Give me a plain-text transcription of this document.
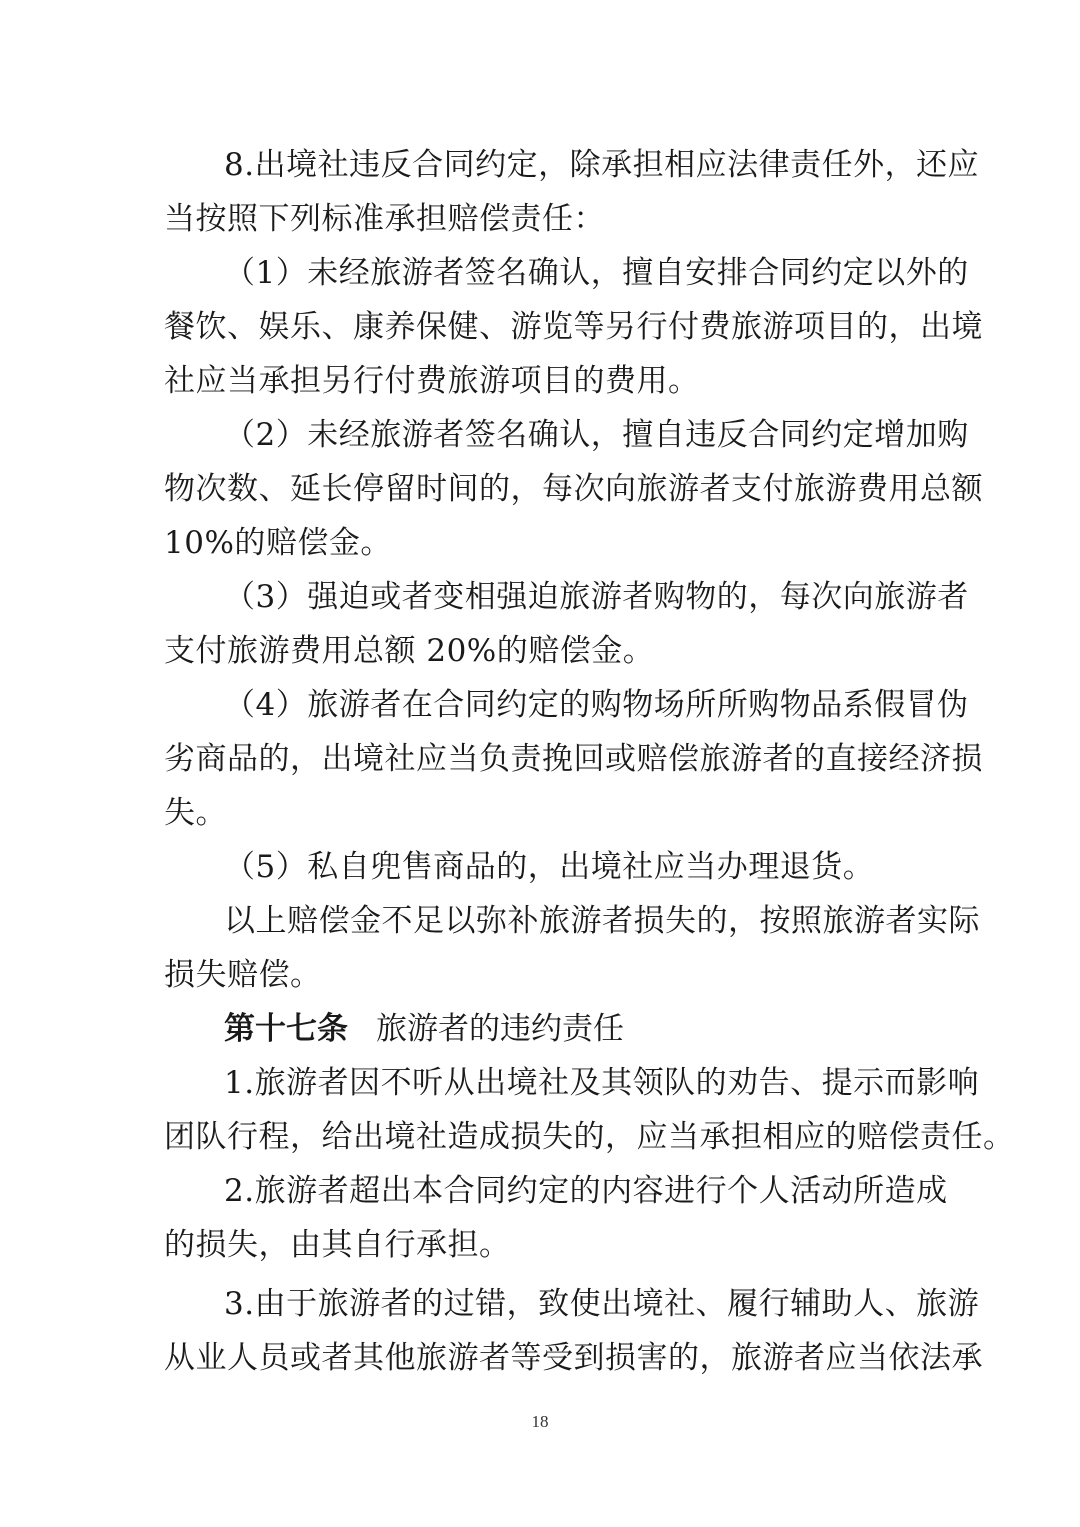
8.出境社违反合同约定，除承担相应法律责任外，还应
当按照下列标准承担赔偿责任：
（1）未经旅游者签名确认，擅自安排合同约定以外的
餐饮、娱乐、康养保健、游览等另行付费旅游项目的，出境
社应当承担另行付费旅游项目的费用。
（2）未经旅游者签名确认，擅自违反合同约定增加购
物次数、延长停留时间的，每次向旅游者支付旅游费用总额
10%的赔偿金。
（3）强迫或者变相强迫旅游者购物的，每次向旅游者
支付旅游费用总额 20%的赔偿金。
（4）旅游者在合同约定的购物场所所购物品系假冒伪
劣商品的，出境社应当负责挽回或赔偿旅游者的直接经济损
失。
（5）私自兜售商品的，出境社应当办理退货。
以上赔偿金不足以弥补旅游者损失的，按照旅游者实际
损失赔偿。
第十七条 旅游者的违约责任
1.旅游者因不听从出境社及其领队的劝告、提示而影响
团队行程，给出境社造成损失的，应当承担相应的赔偿责任。
2.旅游者超出本合同约定的内容进行个人活动所造成
的损失，由其自行承担。
3.由于旅游者的过错，致使出境社、履行辅助人、旅游
从业人员或者其他旅游者等受到损害的，旅游者应当依法承
18
